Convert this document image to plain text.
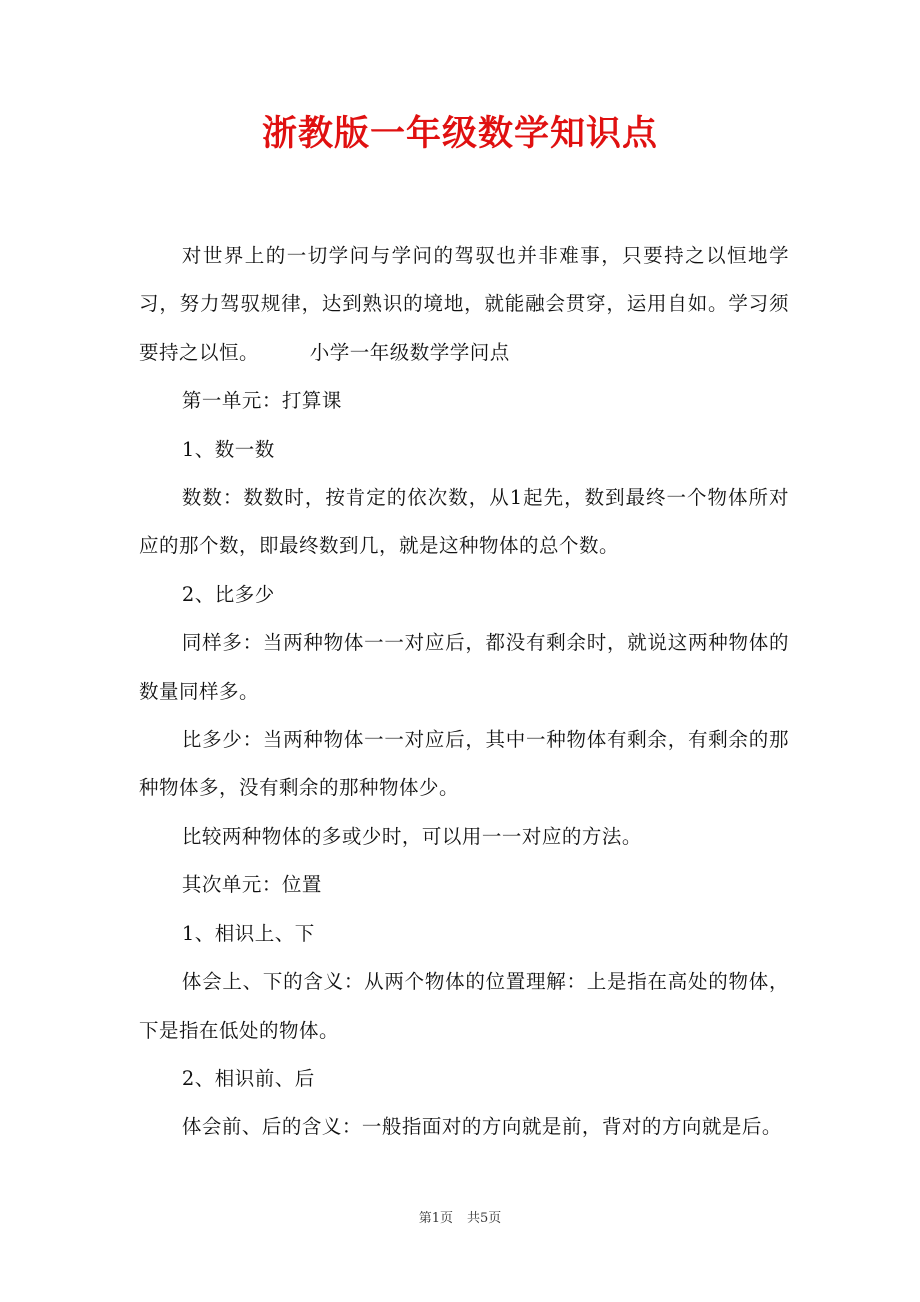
浙教版一年级数学知识点

对世界上的一切学问与学问的驾驭也并非难事，只要持之以恒地学习，努力驾驭规律，达到熟识的境地，就能融会贯穿，运用自如。学习须要持之以恒。	小学一年级数学学问点

第一单元：打算课

1、数一数

数数：数数时，按肯定的依次数，从1起先，数到最终一个物体所对应的那个数，即最终数到几，就是这种物体的总个数。

2、比多少

同样多：当两种物体一一对应后，都没有剩余时，就说这两种物体的数量同样多。

比多少：当两种物体一一对应后，其中一种物体有剩余，有剩余的那种物体多，没有剩余的那种物体少。

比较两种物体的多或少时，可以用一一对应的方法。

其次单元：位置

1、相识上、下

体会上、下的含义：从两个物体的位置理解：上是指在高处的物体，下是指在低处的物体。

2、相识前、后

体会前、后的含义：一般指面对的方向就是前，背对的方向就是后。

第1页 共5页
